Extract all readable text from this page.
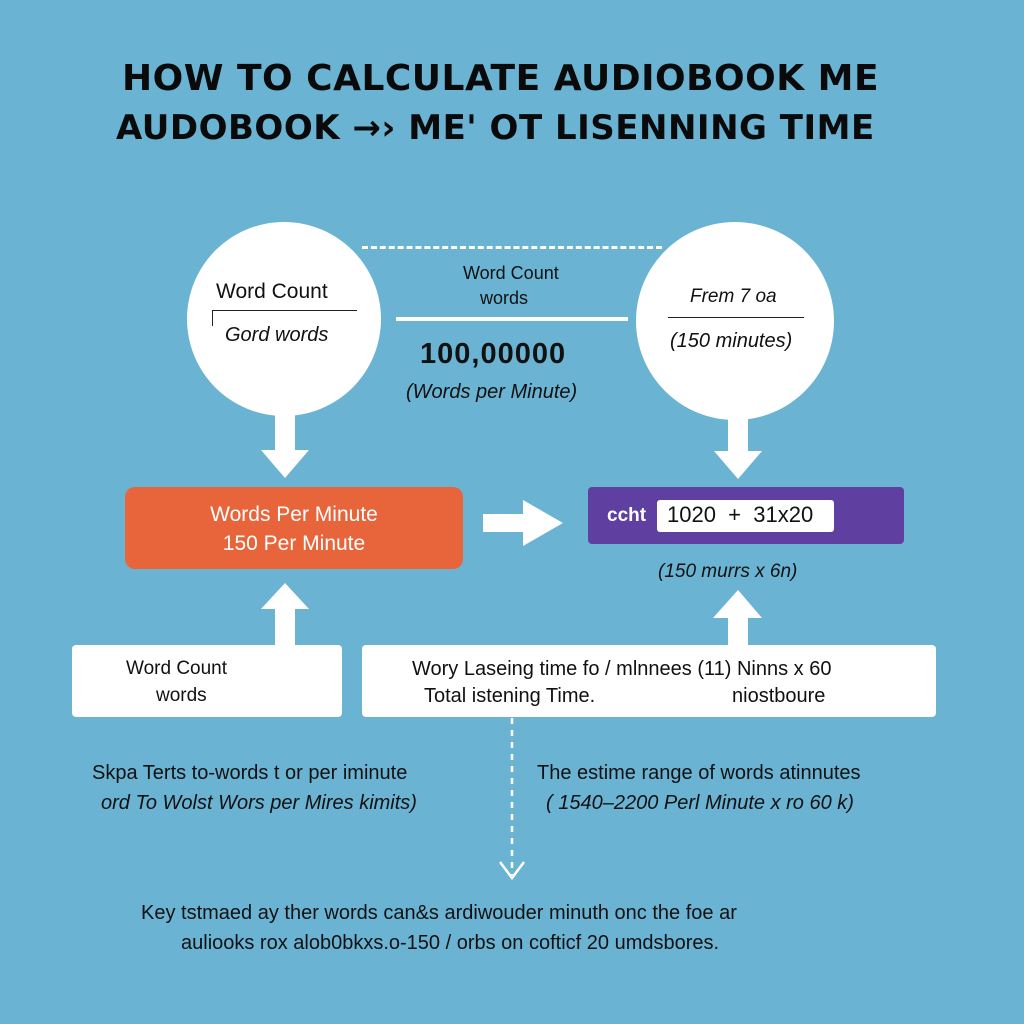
HOW TO CALCULATE AUDIOBOOK ME
AUDOBOOK →› ME' OT LISENNING TIME
Word Count
Gord words
Word Count
words
100,00000
(Words per Minute)
Frem 7 oa
(150 minutes)
Words Per Minute
150 Per Minute
ccht 1020  +  31x20
(150 murrs x 6n)
Word Count
words
Wory Laseing time fo / mlnnees (11) Ninns x 60
Total istening Time.	niostboure
Skpa Terts to-words t or per iminute
ord To Wolst Wors per Mires kimits)
The estime range of words atinnutes
( 1540–2200 Perl Minute x ro 60 k)
Key tstmaed ay ther words can&s ardiwouder minuth onc the foe ar
auliooks rox alob0bkxs.o-150 / orbs on cofticf 20 umdsbores.
